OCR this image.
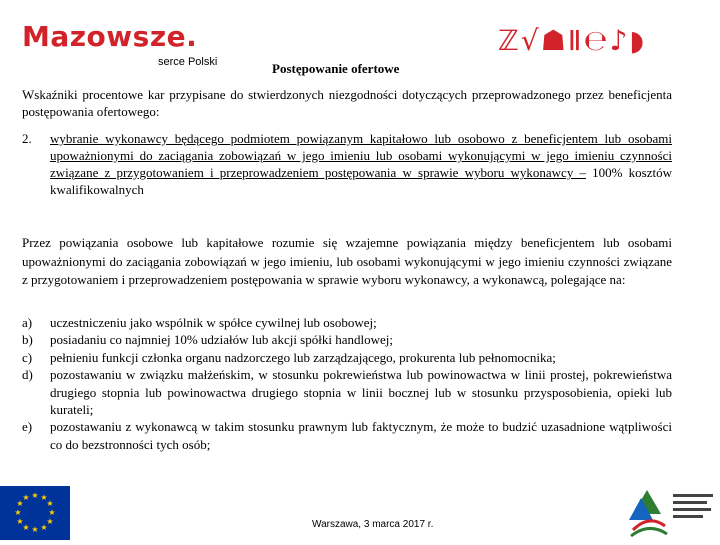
Mazowsze.
serce Polski
ℤ√☗Ⅱ℮♪◗
Postępowanie ofertowe
Wskaźniki procentowe kar przypisane do stwierdzonych niezgodności dotyczących przeprowadzonego przez beneficjenta postępowania ofertowego:
2. wybranie wykonawcy będącego podmiotem powiązanym kapitałowo lub osobowo z beneficjentem lub osobami upoważnionymi do zaciągania zobowiązań w jego imieniu lub osobami wykonującymi w jego imieniu czynności związane z przygotowaniem i przeprowadzeniem postępowania w sprawie wyboru wykonawcy – 100% kosztów kwalifikowalnych
Przez powiązania osobowe lub kapitałowe rozumie się wzajemne powiązania między beneficjentem lub osobami upoważnionymi do zaciągania zobowiązań w jego imieniu, lub osobami wykonującymi w jego imieniu czynności związane z przygotowaniem i przeprowadzeniem postępowania w sprawie wyboru wykonawcy, a wykonawcą, polegające na:
a) uczestniczeniu jako wspólnik w spółce cywilnej lub osobowej;
b) posiadaniu co najmniej 10% udziałów lub akcji spółki handlowej;
c) pełnieniu funkcji członka organu nadzorczego lub zarządzającego, prokurenta lub pełnomocnika;
d) pozostawaniu w związku małżeńskim, w stosunku pokrewieństwa lub powinowactwa w linii prostej, pokrewieństwa drugiego stopnia lub powinowactwa drugiego stopnia w linii bocznej lub w stosunku przysposobienia, opieki lub kurateli;
e) pozostawaniu z wykonawcą w takim stosunku prawnym lub faktycznym, że może to budzić uzasadnione wątpliwości co do bezstronności tych osób;
★ ★
★
★
★
★
★
★
★
★
★
★
Warszawa, 3 marca 2017 r.
